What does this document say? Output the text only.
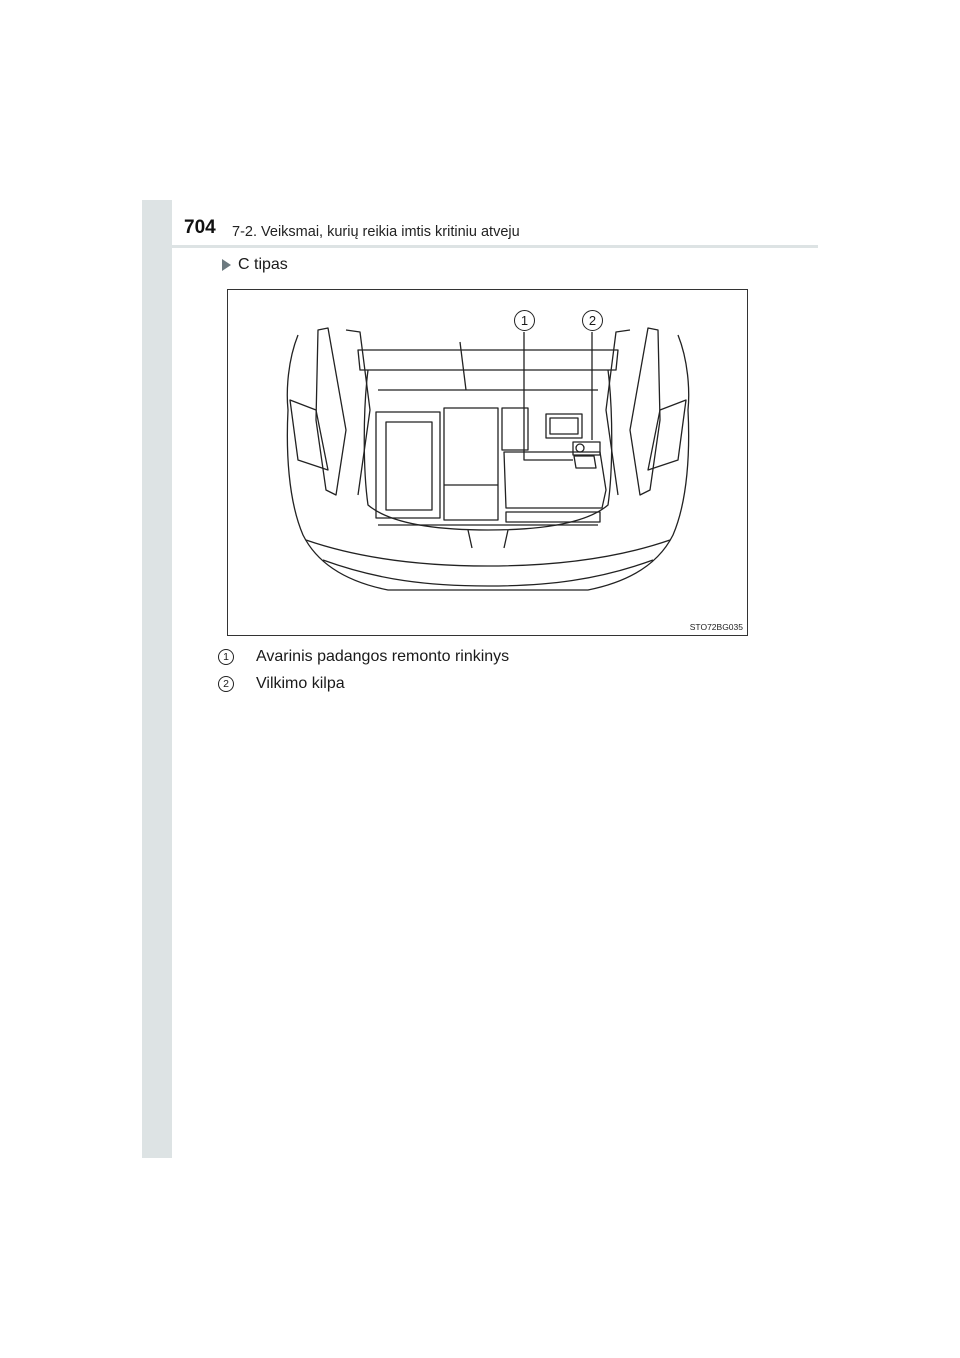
704 7-2. Veiksmai, kurių reikia imtis kritiniu atveju
C tipas
1	2
STO72BG035
1	Avarinis padangos remonto rinkinys
2	Vilkimo kilpa
